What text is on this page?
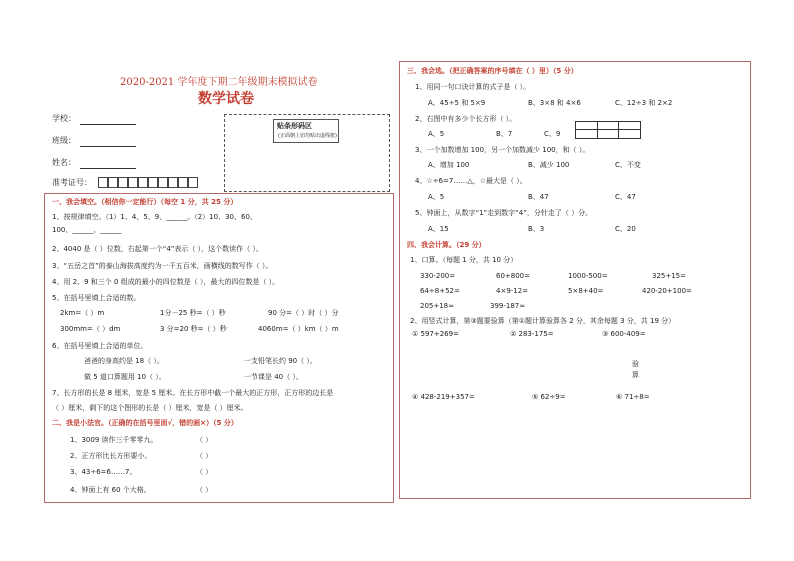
2020-2021 学年度下期二年级期末模拟试卷
数学试卷
学校：
班级：
姓名：
准考证号：
贴条形码区
(正面朝上切勿贴出虚线框)
一、我会填空。（相信你一定能行）（每空 1 分，共 25 分）
1、按规律填空。（1）1、4、5、9、______。（2）10、30、60、
100、______、______
2、4040 是（ ）位数，右起第一个“4”表示（ ），这个数读作（ ）。
3、“五岳之首”的泰山海拔高度约为一千五百米，画横线的数写作（ ）。
4、用 2、9 和三个 0 组成的最小的四位数是（ ），最大的四位数是（ ）。
5、在括号里填上合适的数。
2km=（ ）m	1分－25 秒=（ ）秒	90 分=（ ）时（ ）分
300mm=（ ）dm	3 分=20 秒=（ ）秒	4060m=（ ）km（ ）m
6、在括号里填上合适的单位。
爸爸的身高约是 18（ ）。	一支铅笔长约 90（ ）。
做 5 道口算题用 10（ ）。	一节课是 40（ ）。
7、长方形的长是 8 厘米，宽是 5 厘米。在长方形中截一个最大的正方形，正方形的边长是
（ ）厘米，剩下的这个图形的长是（ ）厘米，宽是（ ）厘米。
二、我是小法官。（正确的在括号里面√，错的画×）（5 分）
1、3009 读作三千零零九。	（ ）
2、正方形比长方形要小。	（ ）
3、43÷6=6……7。	（ ）
4、钟面上有 60 个大格。	（ ）
三、我会选。（把正确答案的序号填在（ ）里）（5 分）
1、用同一句口诀计算的式子是（ ）。
A、45÷5 和 5×9	B、3×8 和 4×6	C、12÷3 和 2×2
2、右图中有多少个长方形（ ）。
A、5	B、7	C、9
3、一个加数增加 100，另一个加数减少 100，和（ ）。
A、增加 100	B、减少 100	C、不变
4、☆÷6=7……△，☆最大是（ ）。
A、5	B、47	C、47
5、钟面上，从数字“1”走到数字“4”，分针走了（ ）分。
A、15	B、3	C、20
四、我会计算。（29 分）
1、口算。（每题 1 分，共 10 分）
330-200=	60+800=	1000-500=	325+15=
64÷8+52=	4×9-12=	5×8+40=	420-20+100=
205+18≈	399-187≈
2、用竖式计算，第③题要验算（第①题计算验算各 2 分，其余每题 3 分，共 19 分）
① 597+269=	② 283-175=	③ 600-409=
验
算
④ 428-219+357=	⑤ 62÷9=	⑥ 71÷8=
